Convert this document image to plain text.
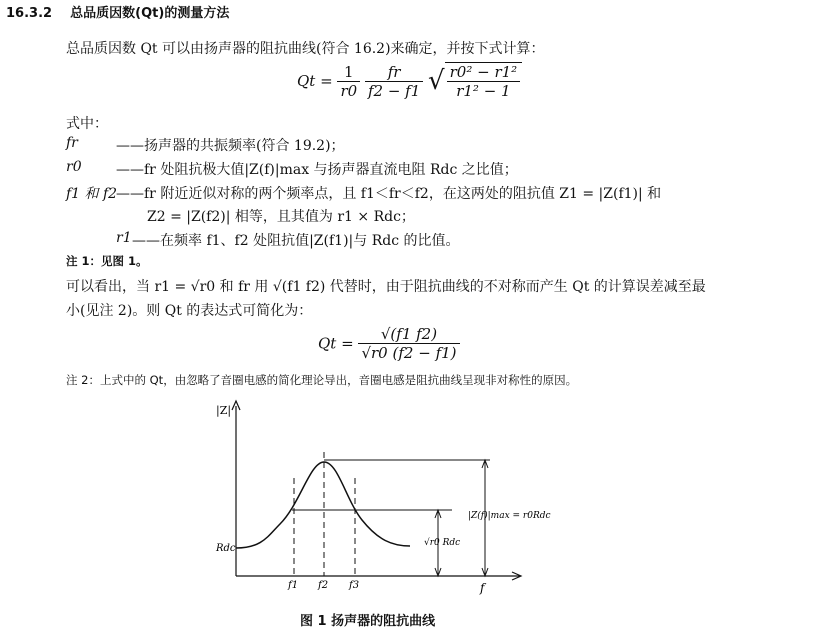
16.3.2 总品质因数(Qt)的测量方法
总品质因数 Qt 可以由扬声器的阻抗曲线(符合 16.2)来确定，并按下式计算：
$Qt = \frac{1}{r0}$
$\frac{fr}{f2 - f1}$ √ $\frac{\text{r0² − r1²}}{\text{r1² − 1}}$
式中：
fr	——扬声器的共振频率(符合 19.2)；
r0 ——fr 处阻抗极大值|Z(f)|max 与扬声器直流电阻 Rdc 之比值；
f1 和 f2
——fr 附近近似对称的两个频率点，且 f1＜fr＜f2，在这两处的阻抗值 Z1 = |Z(f1)| 和
Z2 = |Z(f2)| 相等，且其值为 r1 × Rdc；
r1 ——在频率 f1、f2 处阻抗值|Z(f1)|与 Rdc 的比值。
注 1：见图 1。
可以看出，当 r1 = √r0 和 fr 用 √(f1 f2) 代替时，由于阻抗曲线的不对称而产生 Qt 的计算误差减至最
小(见注 2)。则 Qt 的表达式可简化为：
$Qt = \frac{√(f1 f2)}{√r0 (f2 - f1)}$
注 2：上式中的 Qt，由忽略了音圈电感的简化理论导出，音圈电感是阻抗曲线呈现非对称性的原因。
|Z|
f
Rdc
|Z(f)|max = r0Rdc
√r0 Rdc
f1 f2 f3
图 1 扬声器的阻抗曲线
